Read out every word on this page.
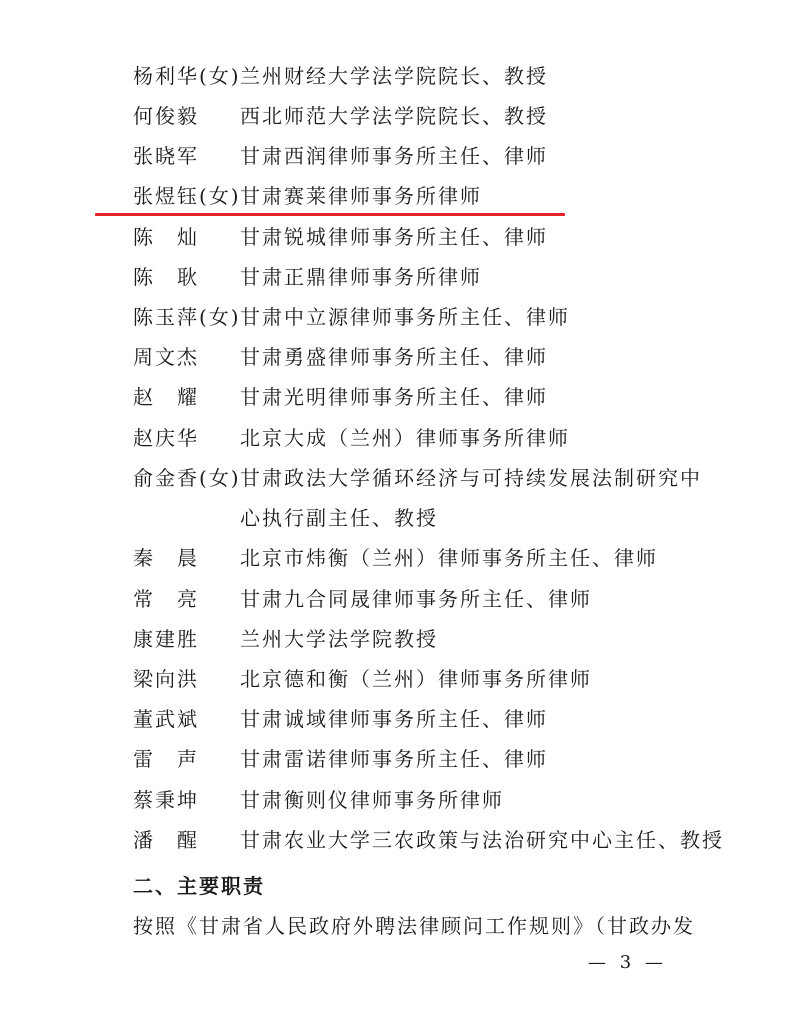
杨利华(女) 兰州财经大学法学院院长、教授
何俊毅 西北师范大学法学院院长、教授
张晓军 甘肃西润律师事务所主任、律师
张煜钰(女) 甘肃赛莱律师事务所律师
陈　灿 甘肃锐城律师事务所主任、律师
陈　耿 甘肃正鼎律师事务所律师
陈玉萍(女) 甘肃中立源律师事务所主任、律师
周文杰 甘肃勇盛律师事务所主任、律师
赵　耀 甘肃光明律师事务所主任、律师
赵庆华 北京大成（兰州）律师事务所律师
俞金香(女) 甘肃政法大学循环经济与可持续发展法制研究中
心执行副主任、教授
秦　晨 北京市炜衡（兰州）律师事务所主任、律师
常　亮 甘肃九合同晟律师事务所主任、律师
康建胜 兰州大学法学院教授
梁向洪 北京德和衡（兰州）律师事务所律师
董武斌 甘肃诚域律师事务所主任、律师
雷　声 甘肃雷诺律师事务所主任、律师
蔡秉坤 甘肃衡则仪律师事务所律师
潘　醒 甘肃农业大学三农政策与法治研究中心主任、教授
二、主要职责
按照《甘肃省人民政府外聘法律顾问工作规则》（甘政办发
— 3 —
